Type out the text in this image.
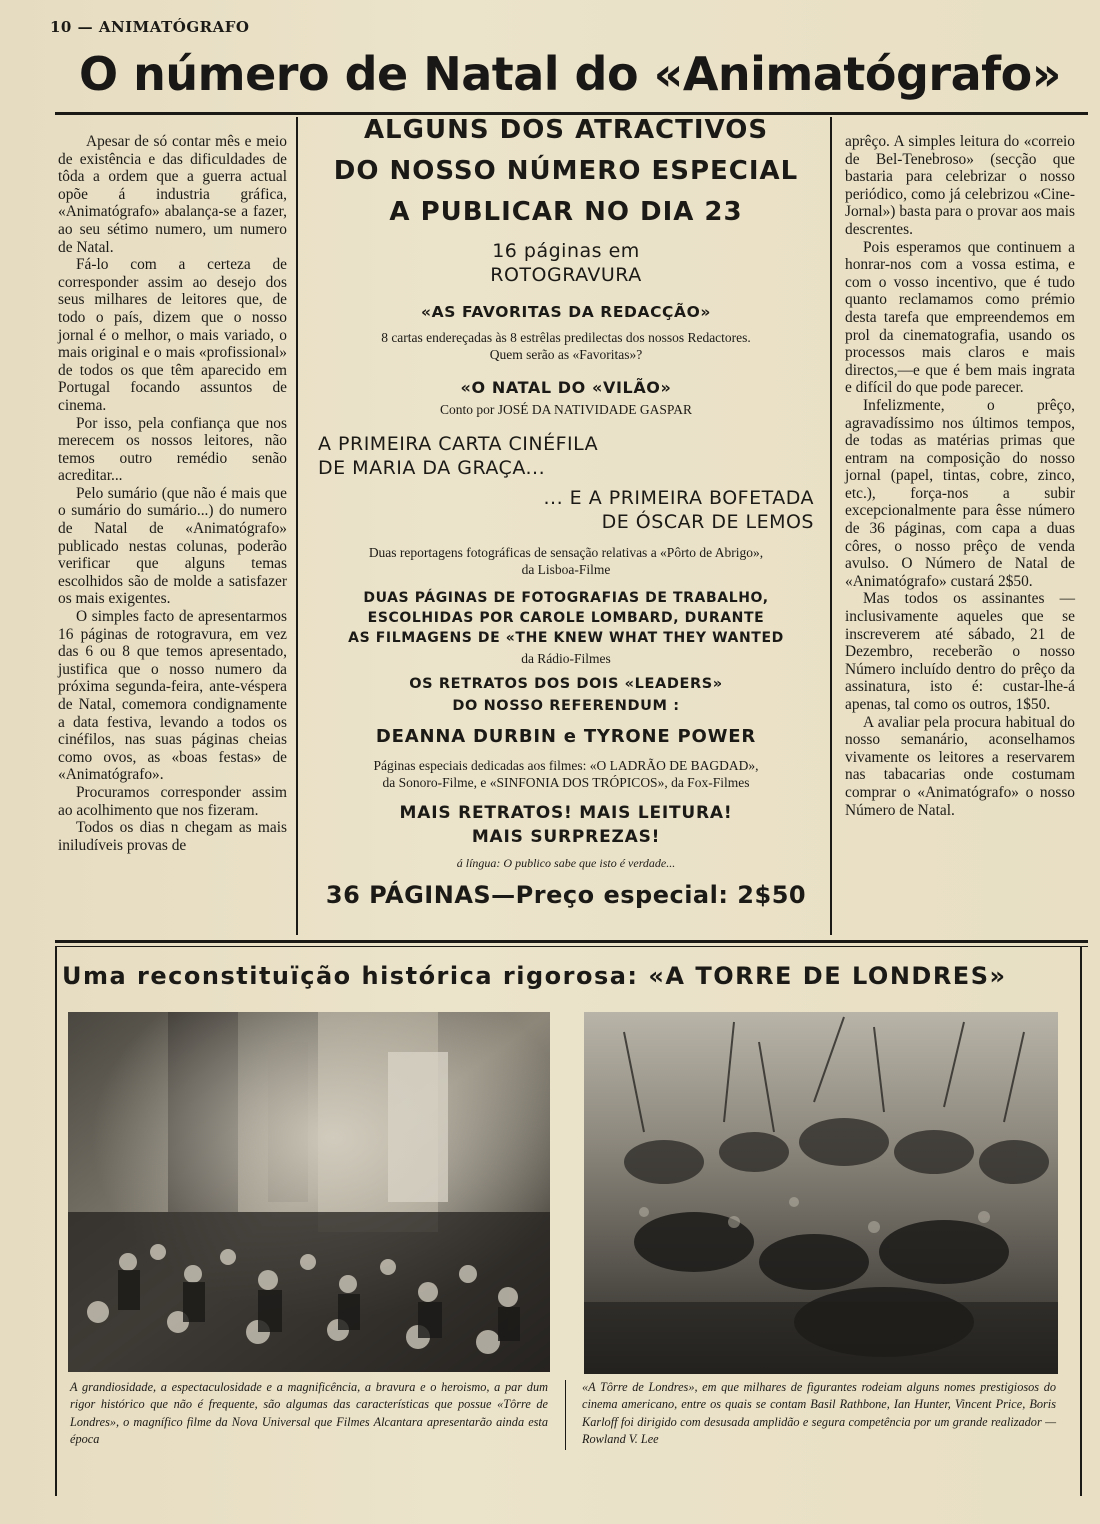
10 — ANIMATÓGRAFO
O número de Natal do «Animatógrafo»

Apesar de só contar mês e meio de existência e das dificuldades de tôda a ordem que a guerra actual opõe á industria gráfica, «Animatógrafo» abalança-se a fazer, ao seu sétimo numero, um numero de Natal.

Fá-lo com a certeza de corresponder assim ao desejo dos seus milhares de leitores que, de todo o país, dizem que o nosso jornal é o melhor, o mais variado, o mais original e o mais «profissional» de todos os que têm aparecido em Portugal focando assuntos de cinema.

Por isso, pela confiança que nos merecem os nossos leitores, não temos outro remédio senão acreditar...

Pelo sumário (que não é mais que o sumário do sumário...) do numero de Natal de «Animatógrafo» publicado nestas colunas, poderão verificar que alguns temas escolhidos são de molde a satisfazer os mais exigentes.

O simples facto de apresentarmos 16 páginas de rotogravura, em vez das 6 ou 8 que temos apresentado, justifica que o nosso numero da próxima segunda-feira, ante-véspera de Natal, comemora condignamente a data festiva, levando a todos os cinéfilos, nas suas páginas cheias como ovos, as «boas festas» de «Animatógrafo».

Procuramos corresponder assim ao acolhimento que nos fizeram.

Todos os dias n chegam as mais iniludíveis provas de

ALGUNS DOS ATRACTIVOS
DO NOSSO NÚMERO ESPECIAL
A PUBLICAR NO DIA 23
16 páginas em
ROTOGRAVURA
«AS FAVORITAS DA REDACÇÃO»
8 cartas endereçadas às 8 estrêlas predilectas dos nossos Redactores.
Quem serão as «Favoritas»?
«O NATAL DO «VILÃO»
Conto por JOSÉ DA NATIVIDADE GASPAR
A PRIMEIRA CARTA CINÉFILA
DE MARIA DA GRAÇA...
... E A PRIMEIRA BOFETADA
DE ÓSCAR DE LEMOS
Duas reportagens fotográficas de sensação relativas a «Pôrto de Abrigo»,
da Lisboa-Filme
DUAS PÁGINAS DE FOTOGRAFIAS DE TRABALHO,
ESCOLHIDAS POR CAROLE LOMBARD, DURANTE
AS FILMAGENS DE «THE KNEW WHAT THEY WANTED
da Rádio-Filmes
OS RETRATOS DOS DOIS «LEADERS»
DO NOSSO REFERENDUM :
DEANNA DURBIN e TYRONE POWER
Páginas especiais dedicadas aos filmes: «O LADRÃO DE BAGDAD»,
da Sonoro-Filme, e «SINFONIA DOS TRÓPICOS», da Fox-Filmes
MAIS RETRATOS! MAIS LEITURA!
MAIS SURPREZAS!
á língua: O publico sabe que isto é verdade...
36 PÁGINAS—Preço especial: 2$50

aprêço. A simples leitura do «correio de Bel-Tenebroso» (secção que bastaria para celebrizar o nosso periódico, como já celebrizou «Cine-Jornal») basta para o provar aos mais descrentes.

Pois esperamos que continuem a honrar-nos com a vossa estima, e com o vosso incentivo, que é tudo quanto reclamamos como prémio desta tarefa que empreendemos em prol da cinematografia, usando os processos mais claros e mais directos,—e que é bem mais ingrata e difícil do que pode parecer.

Infelizmente, o prêço, agravadíssimo nos últimos tempos, de todas as matérias primas que entram na composição do nosso jornal (papel, tintas, cobre, zinco, etc.), força-nos a subir excepcionalmente para êsse número de 36 páginas, com capa a duas côres, o nosso prêço de venda avulso. O Número de Natal de «Animatógrafo» custará 2$50.

Mas todos os assinantes — inclusivamente aqueles que se inscreverem até sábado, 21 de Dezembro, receberão o nosso Número incluído dentro do prêço da assinatura, isto é: custar-lhe-á apenas, tal como os outros, 1$50.

A avaliar pela procura habitual do nosso semanário, aconselhamos vivamente os leitores a reservarem nas tabacarias onde costumam comprar o «Animatógrafo» o nosso Número de Natal.

Uma reconstituïção histórica rigorosa: «A TORRE DE LONDRES»
A grandiosidade, a espectaculosidade e a magnificência, a bravura e o heroismo, a par dum rigor histórico que não é frequente, são algumas das características que possue «Tôrre de Londres», o magnífico filme da Nova Universal que Filmes Alcantara apresentarão ainda esta época
«A Tôrre de Londres», em que milhares de figurantes rodeiam alguns nomes prestigiosos do cinema americano, entre os quais se contam Basil Rathbone, Ian Hunter, Vincent Price, Boris Karloff foi dirigido com desusada amplidão e segura competência por um grande realizador — Rowland V. Lee
